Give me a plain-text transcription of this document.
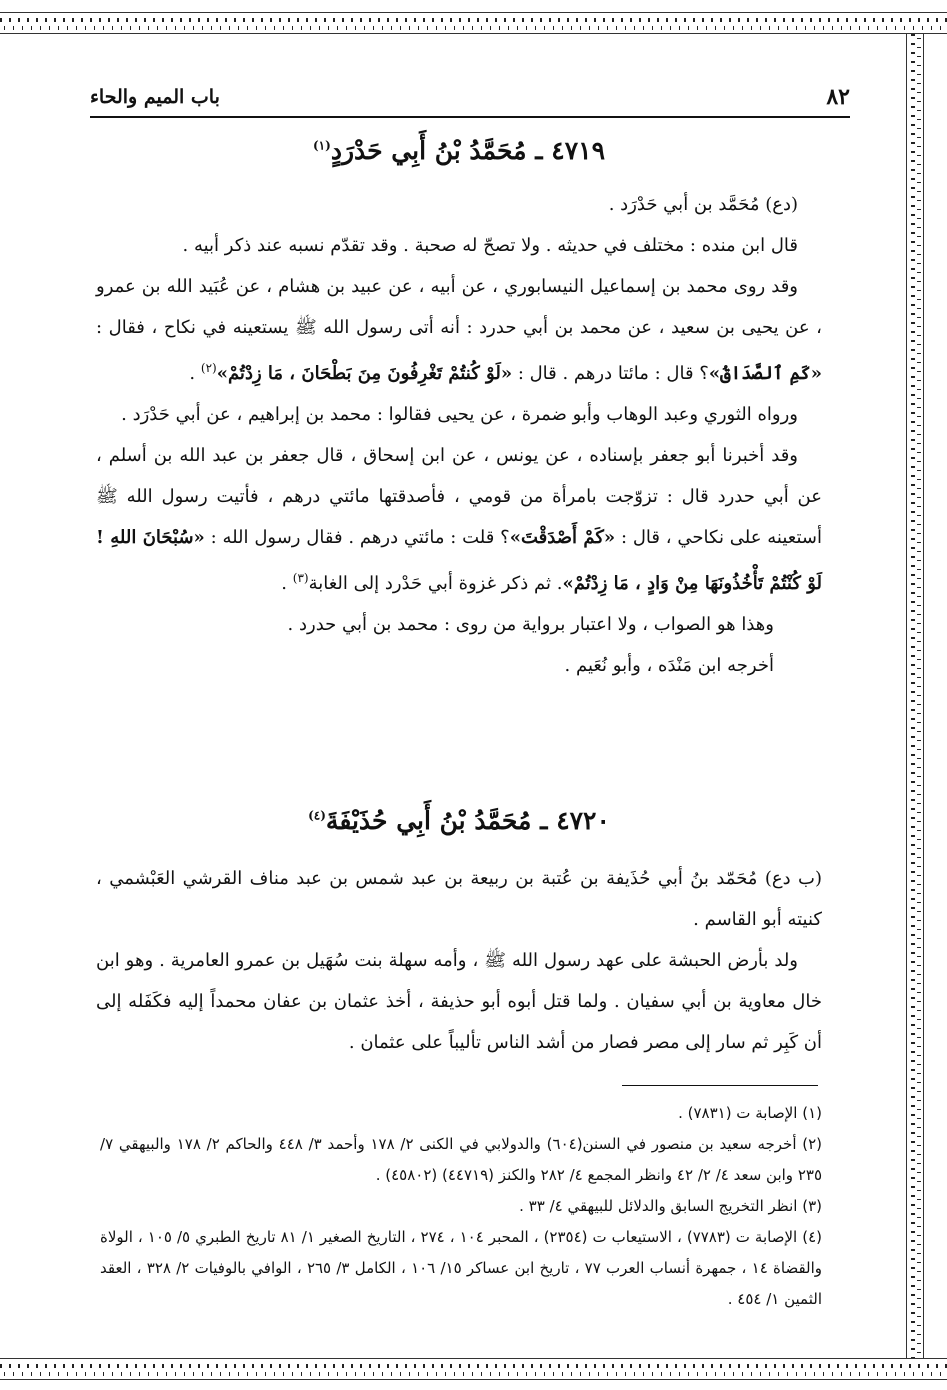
٨٢
باب الميم والحاء
٤٧١٩ ـ مُحَمَّدُ بْنُ أَبِي حَدْرَدٍ$^{(١)}$

(دع) مُحَمَّد بن أبي حَدْرَد .

قال ابن منده : مختلف في حديثه . ولا تصحّ له صحبة . وقد تقدّم نسبه عند ذكر أبيه .

وقد روى محمد بن إسماعيل النيسابوري ، عن أبيه ، عن عبيد بن هشام ، عن عُبَيد الله بن عمرو ، عن يحيى بن سعيد ، عن محمد بن أبي حدرد : أنه أتى رسول الله ﷺ يستعينه في نكاح ، فقال : «كَمِ ٱلصَّدَاقُ»؟ قال : مائتا درهم . قال : «لَوْ كُنتُمْ تَغْرِفُونَ مِنَ بَطْحَانَ ، مَا زِدْتُمْ»$^{(٢)}$ .

ورواه الثوري وعبد الوهاب وأبو ضمرة ، عن يحيى فقالوا : محمد بن إبراهيم ، عن أبي حَدْرَد .

وقد أخبرنا أبو جعفر بإسناده ، عن يونس ، عن ابن إسحاق ، قال جعفر بن عبد الله بن أسلم ، عن أبي حدرد قال : تزوّجت بامرأة من قومي ، فأصدقتها مائتي درهم ، فأتيت رسول الله ﷺ أستعينه على نكاحي ، قال : «كَمْ أَصْدَقْتَ»؟ قلت : مائتي درهم . فقال رسول الله : «سُبْحَانَ اللهِ ! لَوْ كُنْتُمْ تَأْخُذُونَهَا مِنْ وَادٍ ، مَا زِدْتُمْ». ثم ذكر غزوة أبي حَدْرد إلى الغابة$^{(٣)}$ .

وهذا هو الصواب ، ولا اعتبار برواية من روى : محمد بن أبي حدرد .

أخرجه ابن مَنْدَه ، وأبو نُعَيم .

٤٧٢٠ ـ مُحَمَّدُ بْنُ أَبِي حُذَيْفَةَ$^{(٤)}$

(ب دع) مُحَمّد بنُ أبي حُذَيفة بن عُتبة بن ربيعة بن عبد شمس بن عبد مناف القرشي العَبْشمي ، كنيته أبو القاسم .

ولد بأرض الحبشة على عهد رسول الله ﷺ ، وأمه سهلة بنت سُهَيل بن عمرو العامرية . وهو ابن خال معاوية بن أبي سفيان . ولما قتل أبوه أبو حذيفة ، أخذ عثمان بن عفان محمداً إليه فكَفَله إلى أن كَبِر ثم سار إلى مصر فصار من أشد الناس تأليباً على عثمان .

(١) الإصابة ت (٧٨٣١) .

(٢) أخرجه سعيد بن منصور في السنن(٦٠٤) والدولابي في الكنى ٢/ ١٧٨ وأحمد ٣/ ٤٤٨ والحاكم ٢/ ١٧٨ والبيهقي ٧/ ٢٣٥ وابن سعد ٤/ ٢/ ٤٢ وانظر المجمع ٤/ ٢٨٢ والكنز (٤٤٧١٩) (٤٥٨٠٢) .

(٣) انظر التخريج السابق والدلائل للبيهقي ٤/ ٣٣ .

(٤) الإصابة ت (٧٧٨٣) ، الاستيعاب ت (٢٣٥٤) ، المحبر ١٠٤ ، ٢٧٤ ، التاريخ الصغير ١/ ٨١ تاريخ الطبري ٥/ ١٠٥ ، الولاة والقضاة ١٤ ، جمهرة أنساب العرب ٧٧ ، تاريخ ابن عساكر ١٥/ ١٠٦ ، الكامل ٣/ ٢٦٥ ، الوافي بالوفيات ٢/ ٣٢٨ ، العقد الثمين ١/ ٤٥٤ .
